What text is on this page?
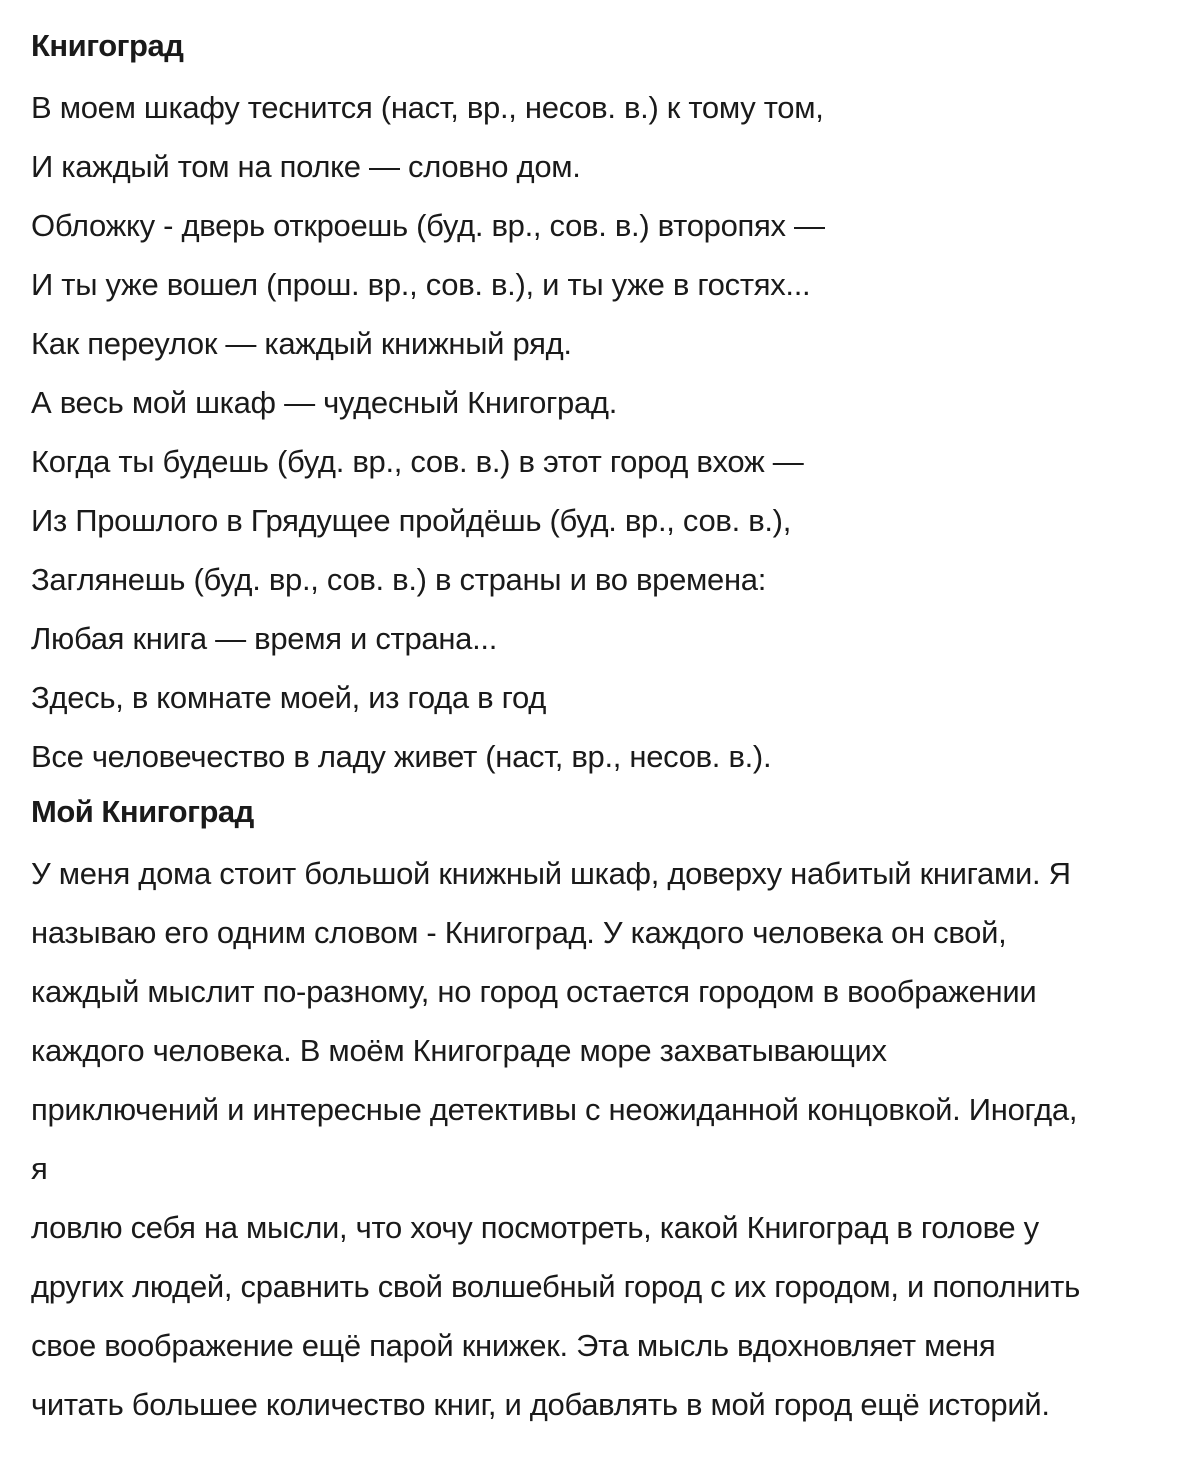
Книгоград
В моем шкафу теснится (наст, вр., несов. в.) к тому том,
И каждый том на полке — словно дом.
Обложку - дверь откроешь (буд. вр., сов. в.) второпях —
И ты уже вошел (прош. вр., сов. в.), и ты уже в гостях...
Как переулок — каждый книжный ряд.
А весь мой шкаф — чудесный Книгоград.
Когда ты будешь (буд. вр., сов. в.) в этот город вхож —
Из Прошлого в Грядущее пройдёшь (буд. вр., сов. в.),
Заглянешь (буд. вр., сов. в.) в страны и во времена:
Любая книга — время и страна...
Здесь, в комнате моей, из года в год
Все человечество в ладу живет (наст, вр., несов. в.).
Мой Книгоград
У меня дома стоит большой книжный шкаф, доверху набитый книгами. Я
называю его одним словом - Книгоград. У каждого человека он свой,
каждый мыслит по-разному, но город остается городом в воображении
каждого человека. В моём Книгограде море захватывающих
приключений и интересные детективы с неожиданной концовкой. Иногда,
я
ловлю себя на мысли, что хочу посмотреть, какой Книгоград в голове у
других людей, сравнить свой волшебный город с их городом, и пополнить
свое воображение ещё парой книжек. Эта мысль вдохновляет меня
читать большее количество книг, и добавлять в мой город ещё историй.
